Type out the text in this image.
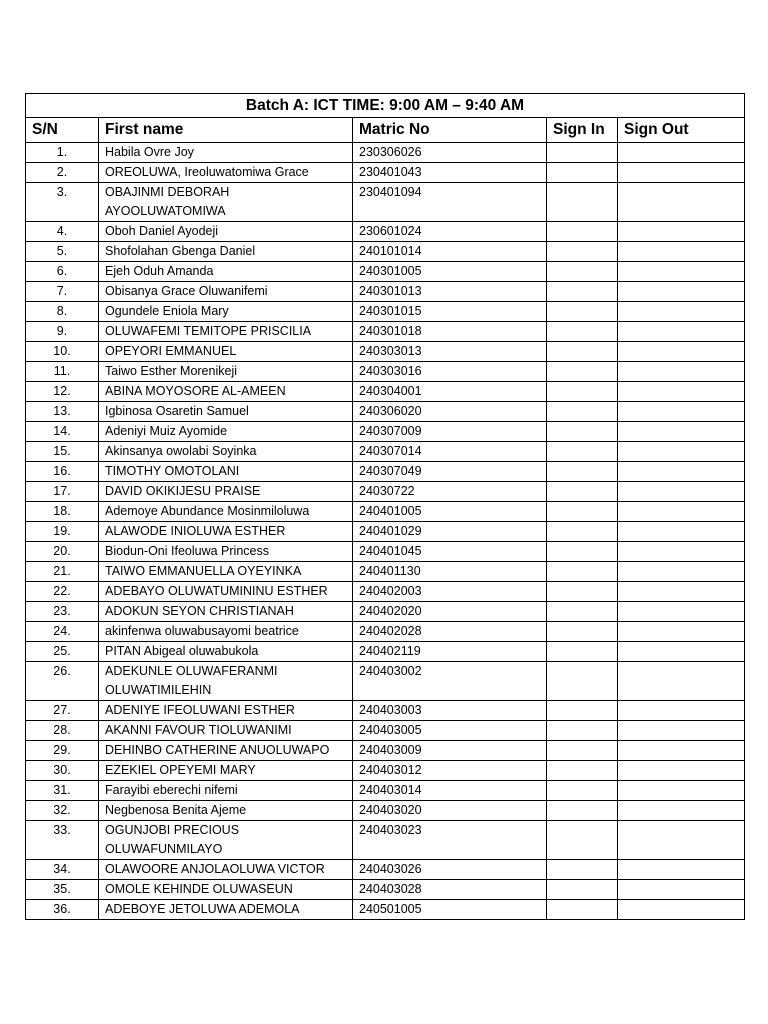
Batch A: ICT TIME: 9:00 AM – 9:40 AM				
S/N	First name	Matric No	Sign In	Sign Out
1.	Habila Ovre Joy	230306026		
2.	OREOLUWA, Ireoluwatomiwa Grace	230401043		
3.	OBAJINMI DEBORAH AYOOLUWATOMIWA	230401094		
4.	Oboh Daniel Ayodeji	230601024		
5.	Shofolahan Gbenga Daniel	240101014		
6.	Ejeh Oduh Amanda	240301005		
7.	Obisanya Grace Oluwanifemi	240301013		
8.	Ogundele Eniola Mary	240301015		
9.	OLUWAFEMI TEMITOPE PRISCILIA	240301018		
10.	OPEYORI EMMANUEL	240303013		
11.	Taiwo Esther Morenikeji	240303016		
12.	ABINA MOYOSORE AL-AMEEN	240304001		
13.	Igbinosa Osaretin Samuel	240306020		
14.	Adeniyi Muiz Ayomide	240307009		
15.	Akinsanya owolabi Soyinka	240307014		
16.	TIMOTHY OMOTOLANI	240307049		
17.	DAVID OKIKIJESU PRAISE	24030722		
18.	Ademoye Abundance Mosinmiloluwa	240401005		
19.	ALAWODE INIOLUWA ESTHER	240401029		
20.	Biodun-Oni Ifeoluwa Princess	240401045		
21.	TAIWO EMMANUELLA OYEYINKA	240401130		
22.	ADEBAYO OLUWATUMININU ESTHER	240402003		
23.	ADOKUN SEYON CHRISTIANAH	240402020		
24.	akinfenwa oluwabusayomi beatrice	240402028		
25.	PITAN Abigeal oluwabukola	240402119		
26.	ADEKUNLE OLUWAFERANMI OLUWATIMILEHIN	240403002		
27.	ADENIYE IFEOLUWANI ESTHER	240403003		
28.	AKANNI FAVOUR TIOLUWANIMI	240403005		
29.	DEHINBO CATHERINE ANUOLUWAPO	240403009		
30.	EZEKIEL OPEYEMI MARY	240403012		
31.	Farayibi eberechi nifemi	240403014		
32.	Negbenosa Benita Ajeme	240403020		
33.	OGUNJOBI PRECIOUS OLUWAFUNMILAYO	240403023		
34.	OLAWOORE ANJOLAOLUWA VICTOR	240403026		
35.	OMOLE KEHINDE OLUWASEUN	240403028		
36.	ADEBOYE JETOLUWA ADEMOLA	240501005		
